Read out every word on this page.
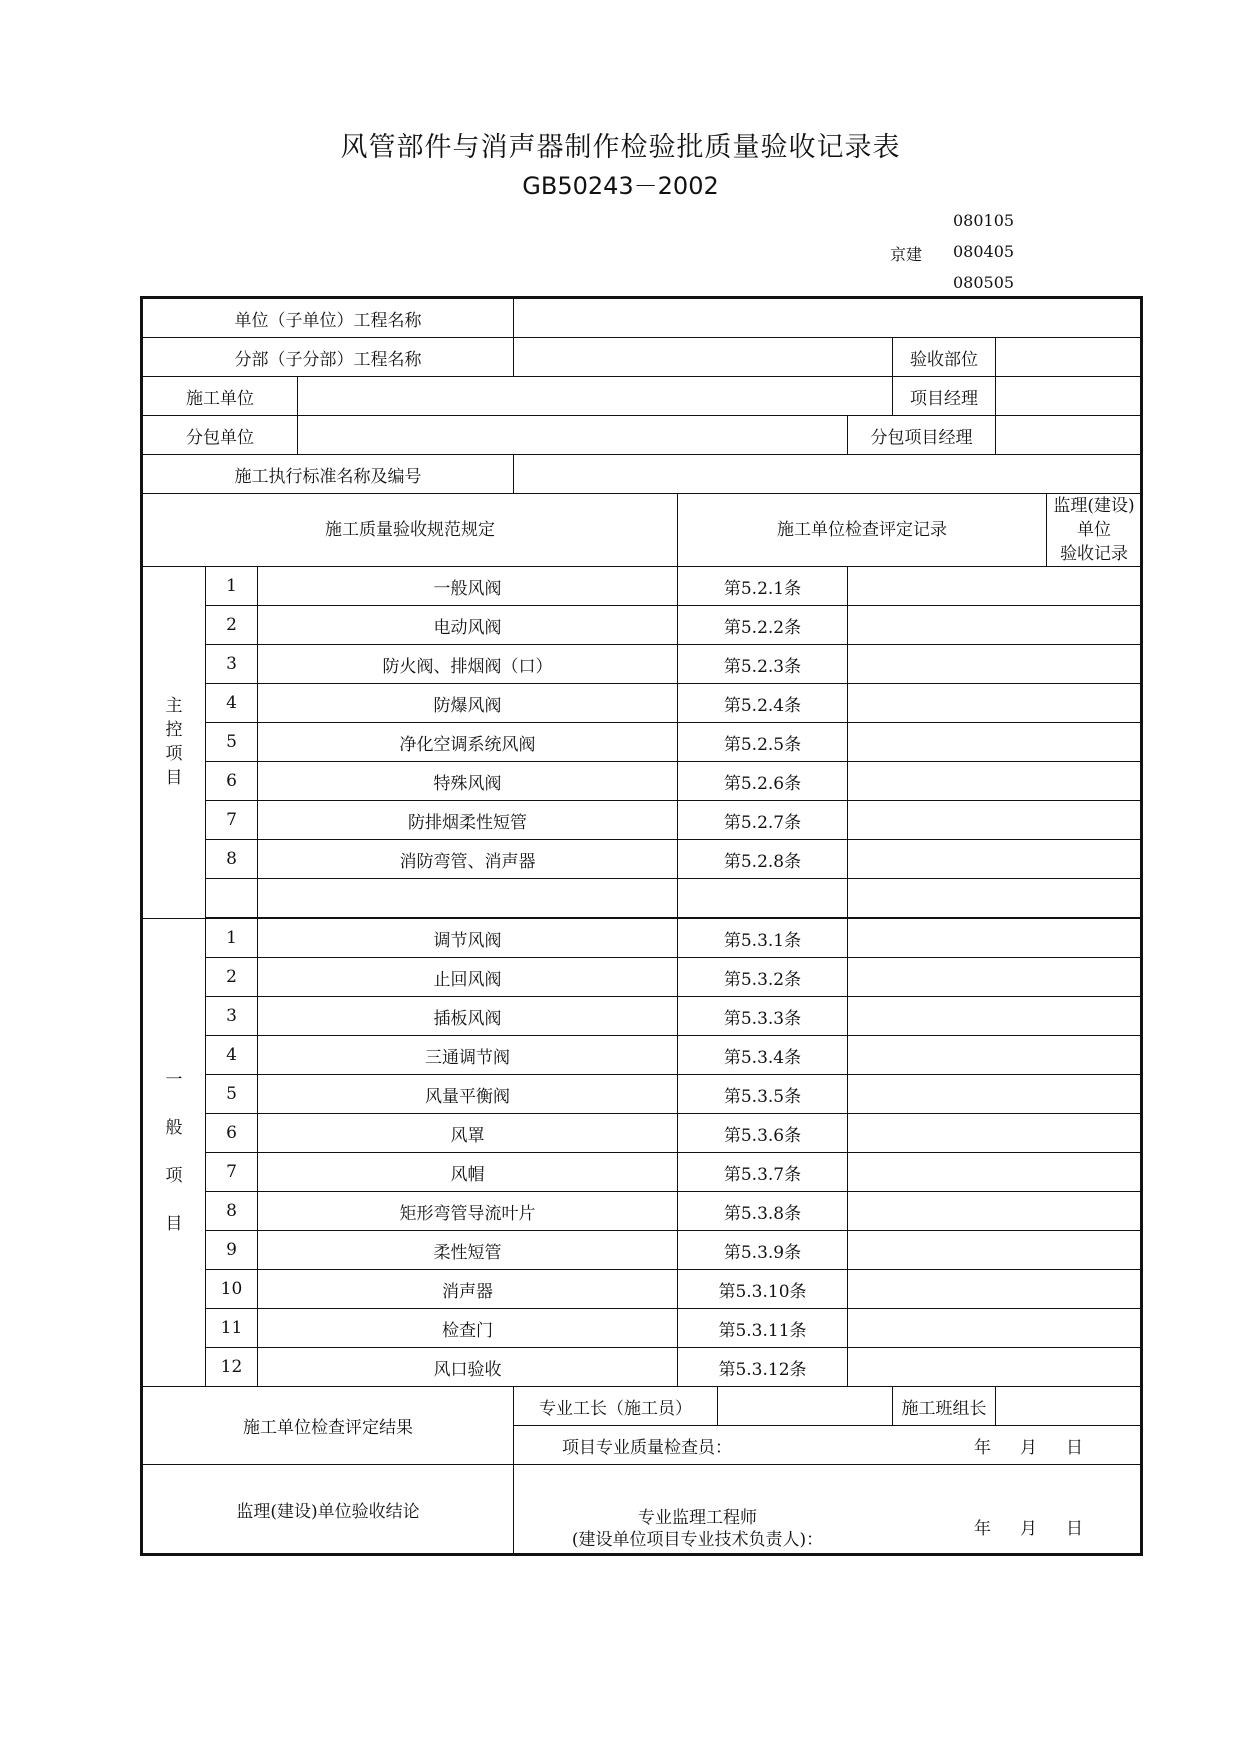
风管部件与消声器制作检验批质量验收记录表
GB50243－2002
080105
京建 080405
080505
单位（子单位）工程名称											
分部（子分部）工程名称								验收部位			
施工单位								项目经理			
分包单位							分包项目经理				
施工执行标准名称及编号											
施工质量验收规范规定					施工单位检查评定记录					监理(建设)单位
验收记录	

主
控
项
目	1	一般风阀			第5.2.1条						
	2	电动风阀			第5.2.2条						
	3	防火阀、排烟阀（口）			第5.2.3条						
	4	防爆风阀			第5.2.4条						
	5	净化空调系统风阀			第5.2.5条						
	6	特殊风阀			第5.2.6条						
	7	防排烟柔性短管			第5.2.7条						
	8	消防弯管、消声器			第5.2.8条						

一
般
项
目	1	调节风阀			第5.3.1条						
	2	止回风阀			第5.3.2条						
	3	插板风阀			第5.3.3条						
	4	三通调节阀			第5.3.4条						
	5	风量平衡阀			第5.3.5条						
	6	风罩			第5.3.6条						
	7	风帽			第5.3.7条						
	8	矩形弯管导流叶片			第5.3.8条						
	9	柔性短管			第5.3.9条						
	10	消声器			第5.3.10条						
	11	检查门			第5.3.11条						
	12	风口验收			第5.3.12条						
施工单位检查评定结果				专业工长（施工员）				施工班组长			

				项目专业质量检查员： 年　月　日							

监理(建设)单位验收结论				专业监理工程师
(建设单位项目专业技术负责人)：
年　月　日							
